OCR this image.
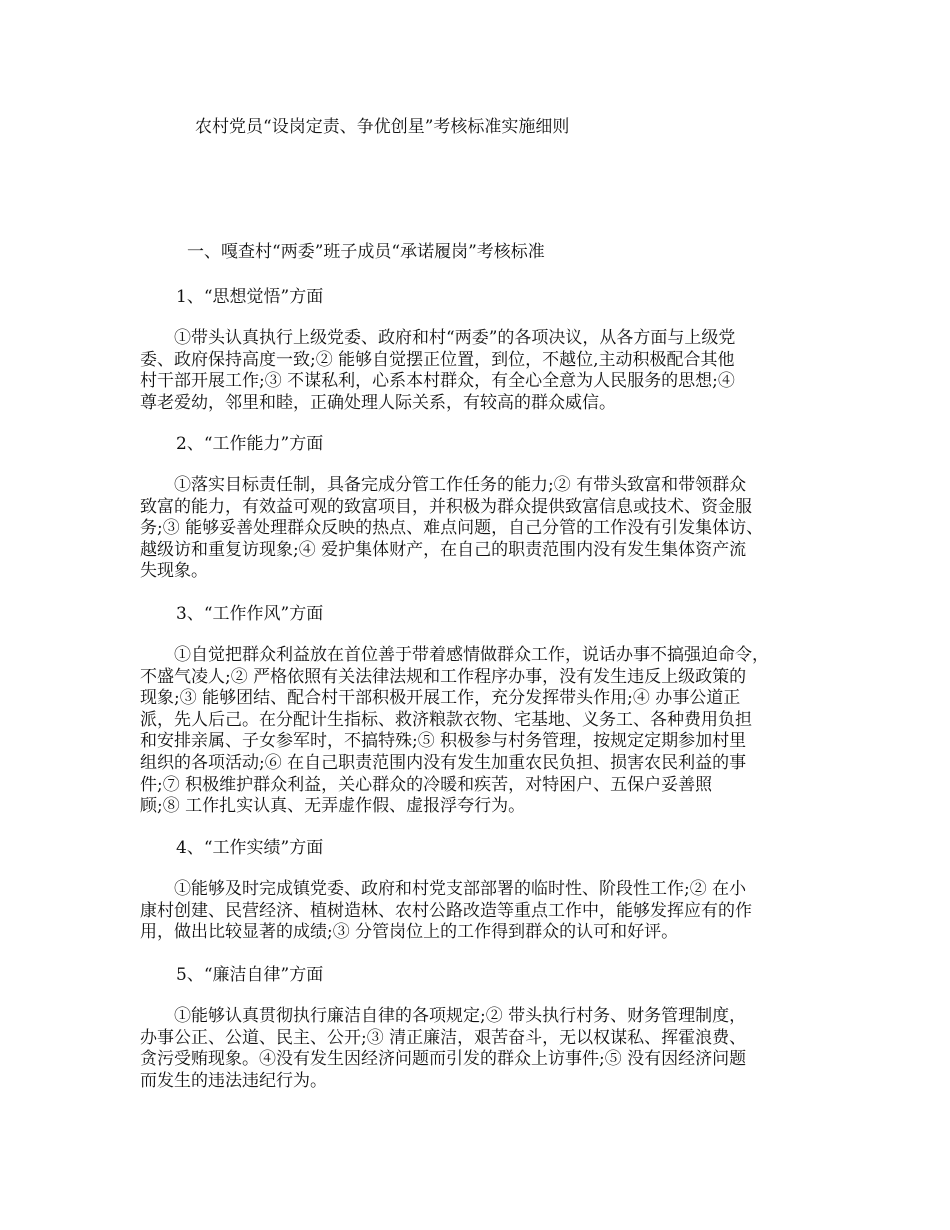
农村党员“设岗定责、争优创星”考核标准实施细则
一、嘎查村“两委”班子成员“承诺履岗”考核标准
1、“思想觉悟”方面
　　①带头认真执行上级党委、政府和村“两委”的各项决议，从各方面与上级党
委、政府保持高度一致;② 能够自觉摆正位置，到位，不越位,主动积极配合其他
村干部开展工作;③ 不谋私利，心系本村群众，有全心全意为人民服务的思想;④
尊老爱幼，邻里和睦，正确处理人际关系，有较高的群众威信。
2、“工作能力”方面
　　①落实目标责任制，具备完成分管工作任务的能力;② 有带头致富和带领群众
致富的能力，有效益可观的致富项目，并积极为群众提供致富信息或技术、资金服
务;③ 能够妥善处理群众反映的热点、难点问题，自己分管的工作没有引发集体访、
越级访和重复访现象;④ 爱护集体财产，在自己的职责范围内没有发生集体资产流
失现象。
3、“工作作风”方面
　　①自觉把群众利益放在首位善于带着感情做群众工作，说话办事不搞强迫命令，
不盛气凌人;② 严格依照有关法律法规和工作程序办事，没有发生违反上级政策的
现象;③ 能够团结、配合村干部积极开展工作，充分发挥带头作用;④ 办事公道正
派，先人后己。在分配计生指标、救济粮款衣物、宅基地、义务工、各种费用负担
和安排亲属、子女参军时，不搞特殊;⑤ 积极参与村务管理，按规定定期参加村里
组织的各项活动;⑥ 在自己职责范围内没有发生加重农民负担、损害农民利益的事
件;⑦ 积极维护群众利益，关心群众的冷暖和疾苦，对特困户、五保户妥善照
顾;⑧ 工作扎实认真、无弄虚作假、虚报浮夸行为。
4、“工作实绩”方面
　　①能够及时完成镇党委、政府和村党支部部署的临时性、阶段性工作;② 在小
康村创建、民营经济、植树造林、农村公路改造等重点工作中，能够发挥应有的作
用，做出比较显著的成绩;③ 分管岗位上的工作得到群众的认可和好评。
5、“廉洁自律”方面
　　①能够认真贯彻执行廉洁自律的各项规定;② 带头执行村务、财务管理制度，
办事公正、公道、民主、公开;③ 清正廉洁，艰苦奋斗，无以权谋私、挥霍浪费、
贪污受贿现象。④没有发生因经济问题而引发的群众上访事件;⑤ 没有因经济问题
而发生的违法违纪行为。
